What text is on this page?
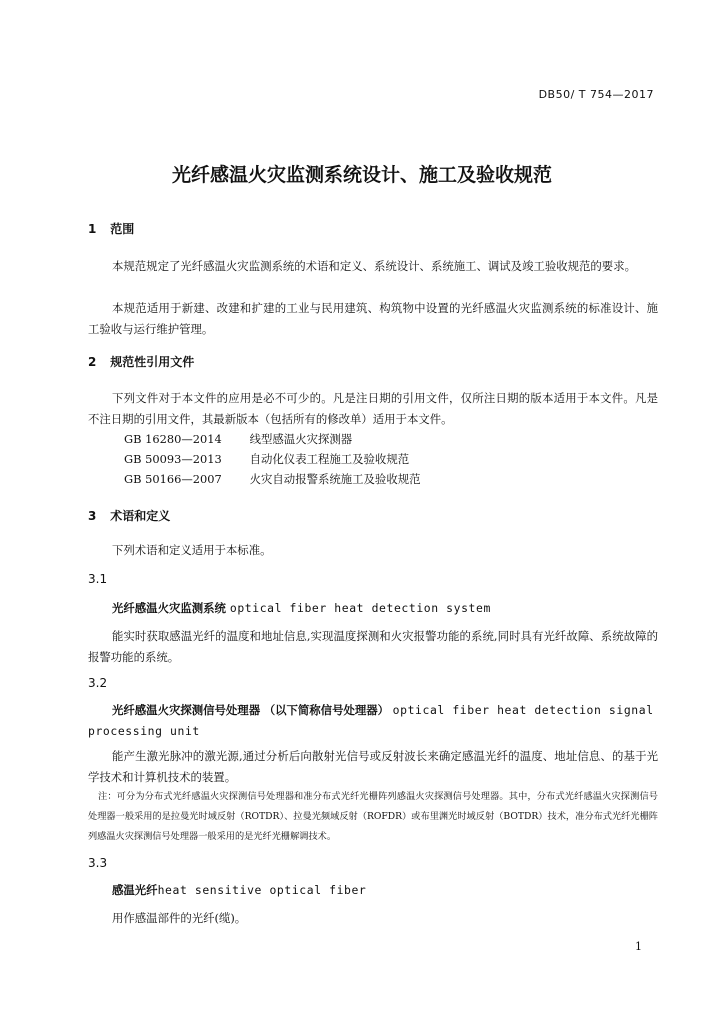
DB50/ T 754—2017
光纤感温火灾监测系统设计、施工及验收规范
1 范围
本规范规定了光纤感温火灾监测系统的术语和定义、系统设计、系统施工、调试及竣工验收规范的要求。
本规范适用于新建、改建和扩建的工业与民用建筑、构筑物中设置的光纤感温火灾监测系统的标准设计、施工验收与运行维护管理。
2 规范性引用文件
下列文件对于本文件的应用是必不可少的。凡是注日期的引用文件，仅所注日期的版本适用于本文件。凡是不注日期的引用文件，其最新版本（包括所有的修改单）适用于本文件。
GB 16280—2014 线型感温火灾探测器
GB 50093—2013 自动化仪表工程施工及验收规范
GB 50166—2007 火灾自动报警系统施工及验收规范
3 术语和定义
下列术语和定义适用于本标准。
3.1
光纤感温火灾监测系统 optical fiber heat detection system
能实时获取感温光纤的温度和地址信息,实现温度探测和火灾报警功能的系统,同时具有光纤故障、系统故障的报警功能的系统。
3.2
光纤感温火灾探测信号处理器 （以下简称信号处理器） optical fiber heat detection signal processing unit
能产生激光脉冲的激光源,通过分析后向散射光信号或反射波长来确定感温光纤的温度、地址信息、的基于光学技术和计算机技术的装置。
注：可分为分布式光纤感温火灾探测信号处理器和准分布式光纤光栅阵列感温火灾探测信号处理器。其中，分布式光纤感温火灾探测信号处理器一般采用的是拉曼光时域反射（ROTDR）、拉曼光频域反射（ROFDR）或布里渊光时域反射（BOTDR）技术，准分布式光纤光栅阵列感温火灾探测信号处理器一般采用的是光纤光栅解调技术。
3.3
感温光纤heat sensitive optical fiber
用作感温部件的光纤(缆)。
1
